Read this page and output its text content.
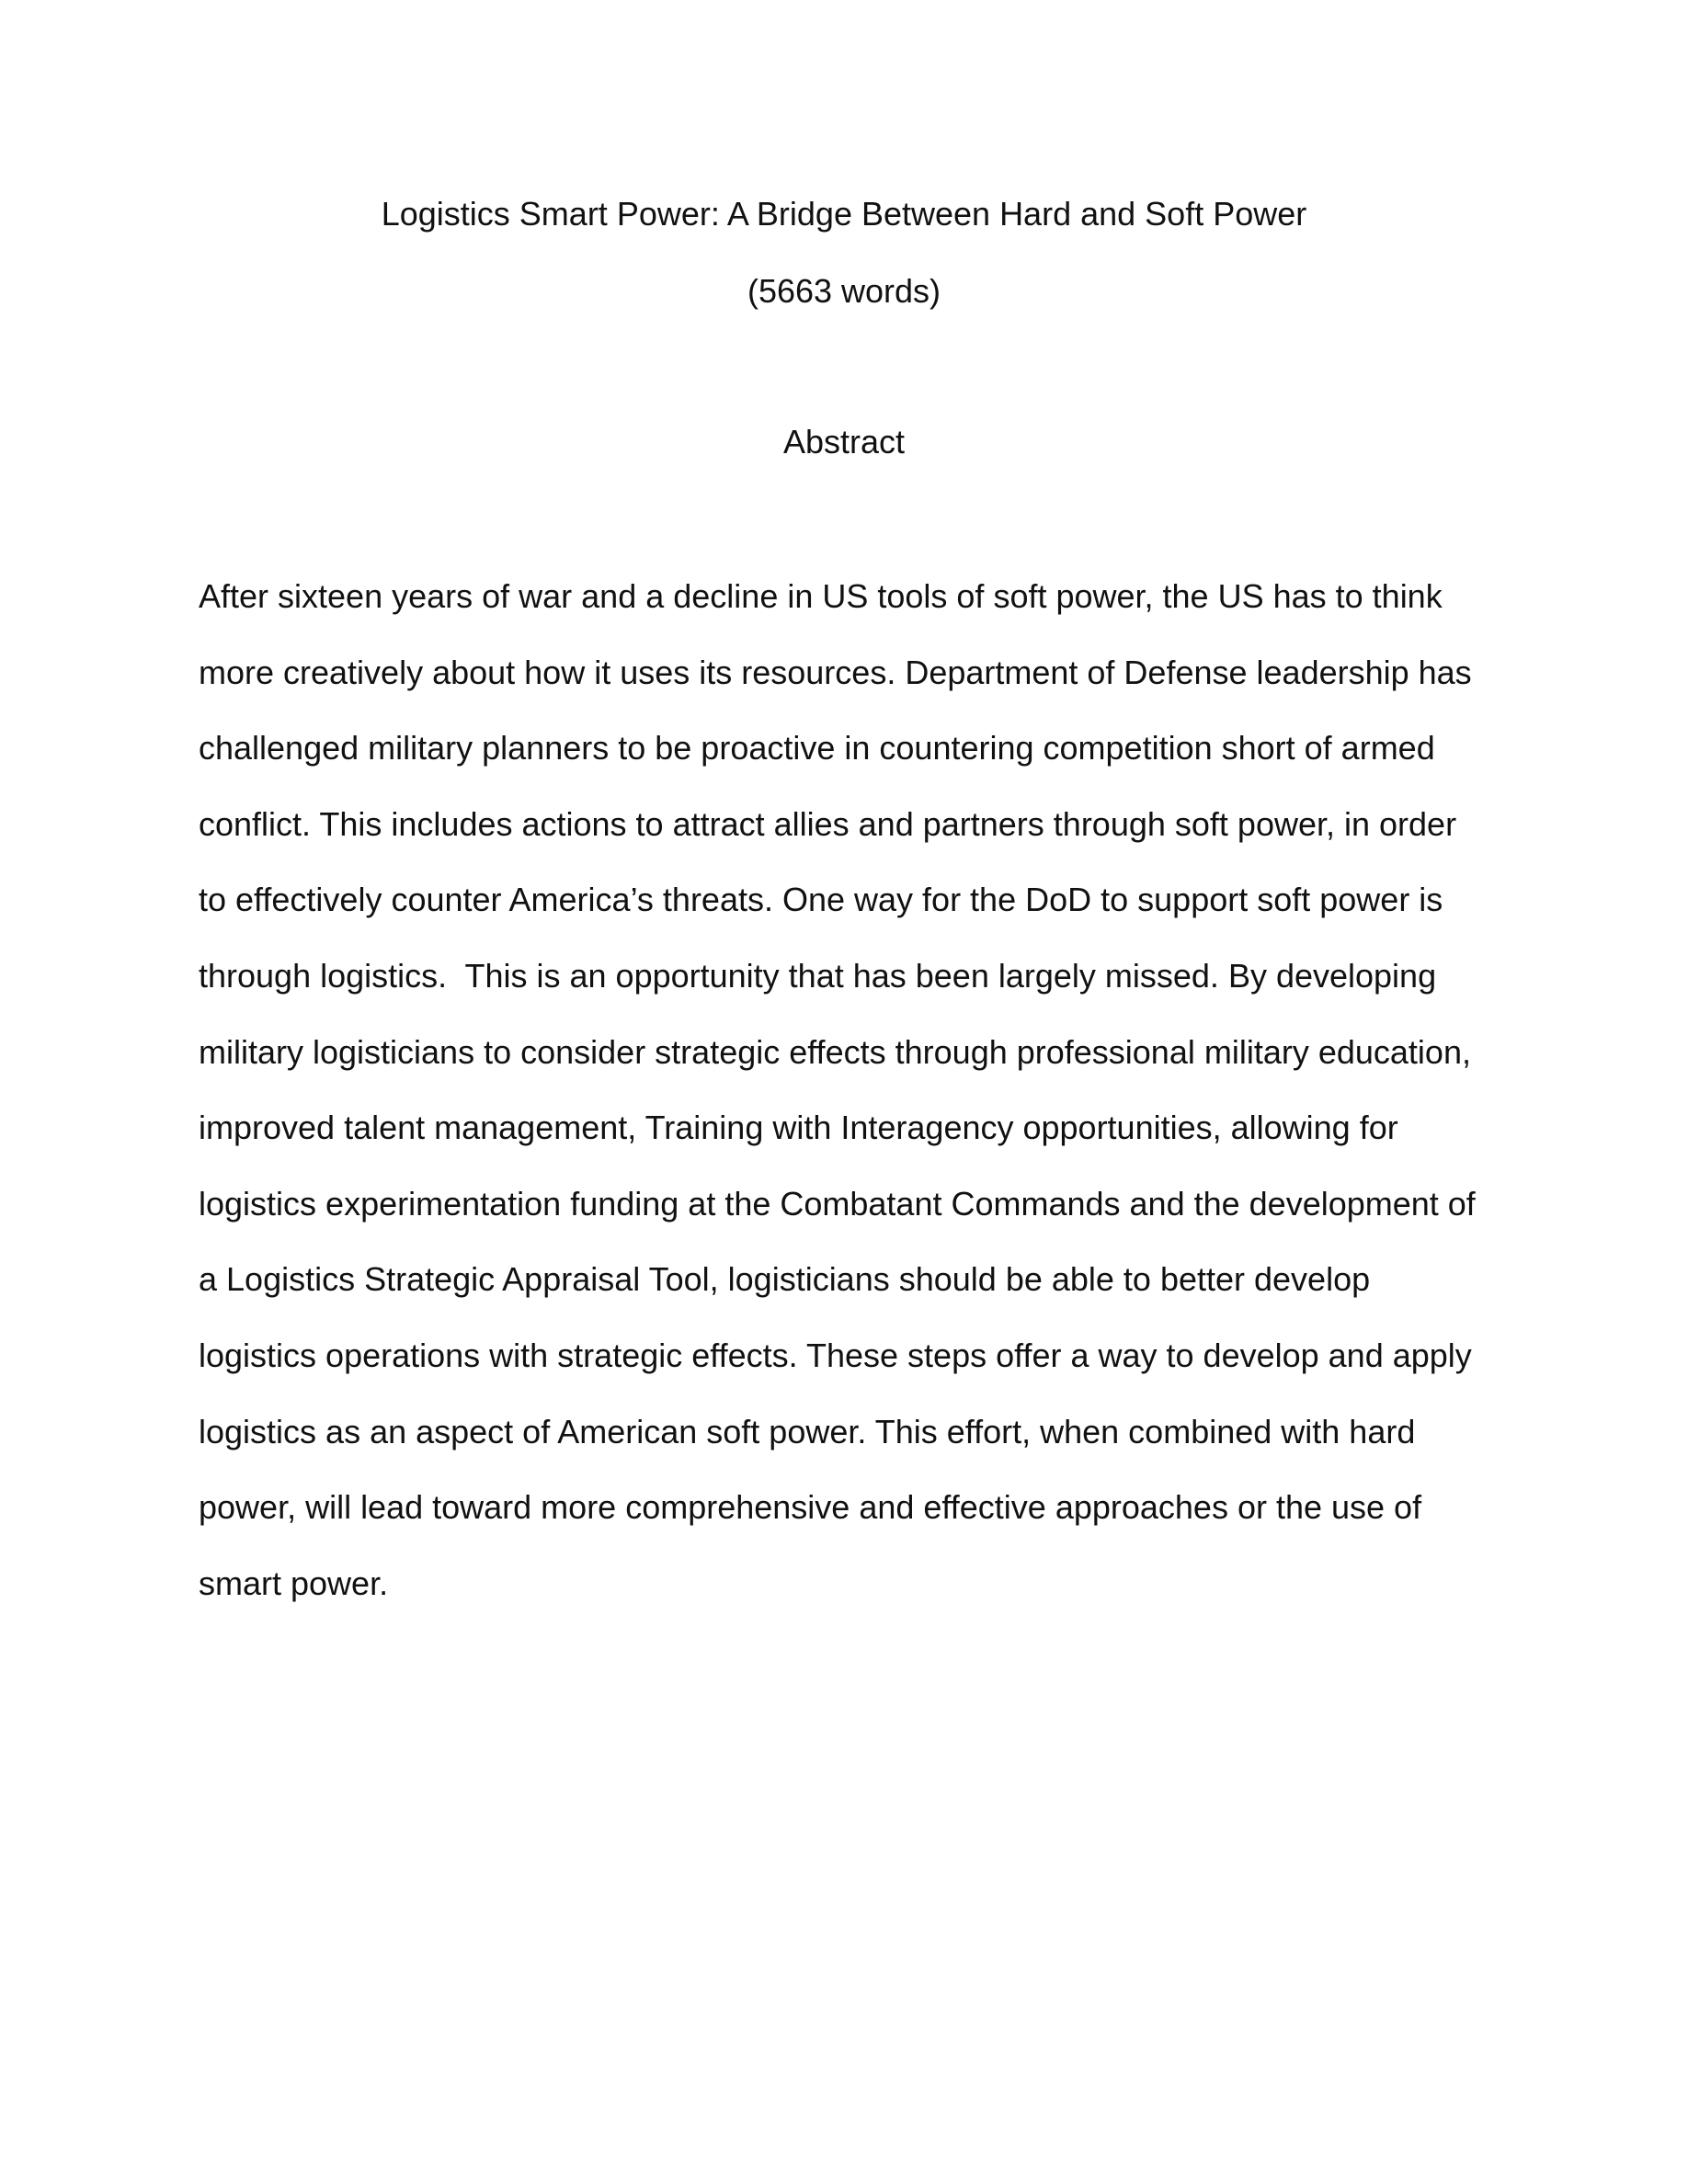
Logistics Smart Power: A Bridge Between Hard and Soft Power
(5663 words)
Abstract
After sixteen years of war and a decline in US tools of soft power, the US has to think
more creatively about how it uses its resources. Department of Defense leadership has
challenged military planners to be proactive in countering competition short of armed
conflict. This includes actions to attract allies and partners through soft power, in order
to effectively counter America’s threats. One way for the DoD to support soft power is
through logistics.  This is an opportunity that has been largely missed. By developing
military logisticians to consider strategic effects through professional military education,
improved talent management, Training with Interagency opportunities, allowing for
logistics experimentation funding at the Combatant Commands and the development of
a Logistics Strategic Appraisal Tool, logisticians should be able to better develop
logistics operations with strategic effects. These steps offer a way to develop and apply
logistics as an aspect of American soft power. This effort, when combined with hard
power, will lead toward more comprehensive and effective approaches or the use of
smart power.
